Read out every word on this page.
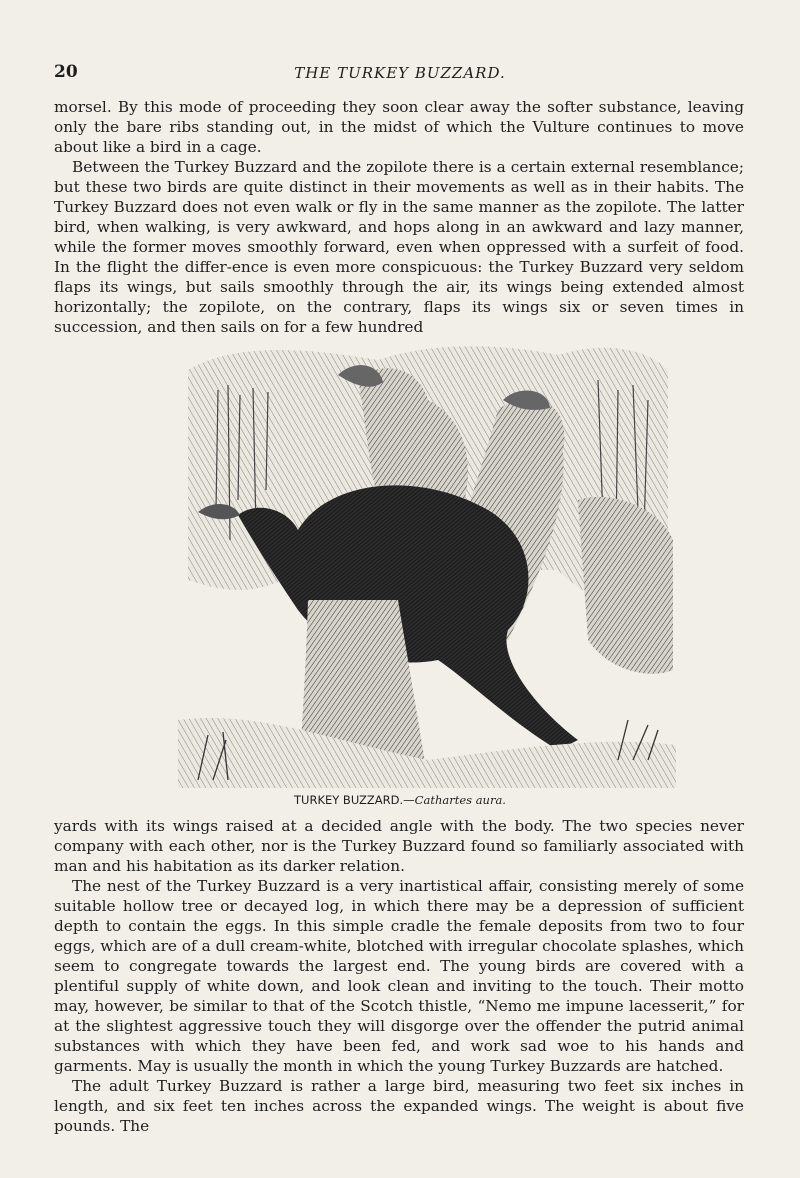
20	THE TURKEY BUZZARD.

morsel. By this mode of proceeding they soon clear away the softer substance, leaving only the bare ribs standing out, in the midst of which the Vulture continues to move about like a bird in a cage.

Between the Turkey Buzzard and the zopilote there is a certain external resemblance; but these two birds are quite distinct in their movements as well as in their habits. The Turkey Buzzard does not even walk or fly in the same manner as the zopilote. The latter bird, when walking, is very awkward, and hops along in an awkward and lazy manner, while the former moves smoothly forward, even when oppressed with a surfeit of food. In the flight the differ-ence is even more conspicuous: the Turkey Buzzard very seldom flaps its wings, but sails smoothly through the air, its wings being extended almost horizontally; the zopilote, on the contrary, flaps its wings six or seven times in succession, and then sails on for a few hundred

TURKEY BUZZARD.—Cathartes aura.

yards with its wings raised at a decided angle with the body. The two species never company with each other, nor is the Turkey Buzzard found so familiarly associated with man and his habitation as its darker relation.

The nest of the Turkey Buzzard is a very inartistical affair, consisting merely of some suitable hollow tree or decayed log, in which there may be a depression of sufficient depth to contain the eggs. In this simple cradle the female deposits from two to four eggs, which are of a dull cream-white, blotched with irregular chocolate splashes, which seem to congregate towards the largest end. The young birds are covered with a plentiful supply of white down, and look clean and inviting to the touch. Their motto may, however, be similar to that of the Scotch thistle, “Nemo me impune lacesserit,” for at the slightest aggressive touch they will disgorge over the offender the putrid animal substances with which they have been fed, and work sad woe to his hands and garments. May is usually the month in which the young Turkey Buzzards are hatched.

The adult Turkey Buzzard is rather a large bird, measuring two feet six inches in length, and six feet ten inches across the expanded wings. The weight is about five pounds. The
